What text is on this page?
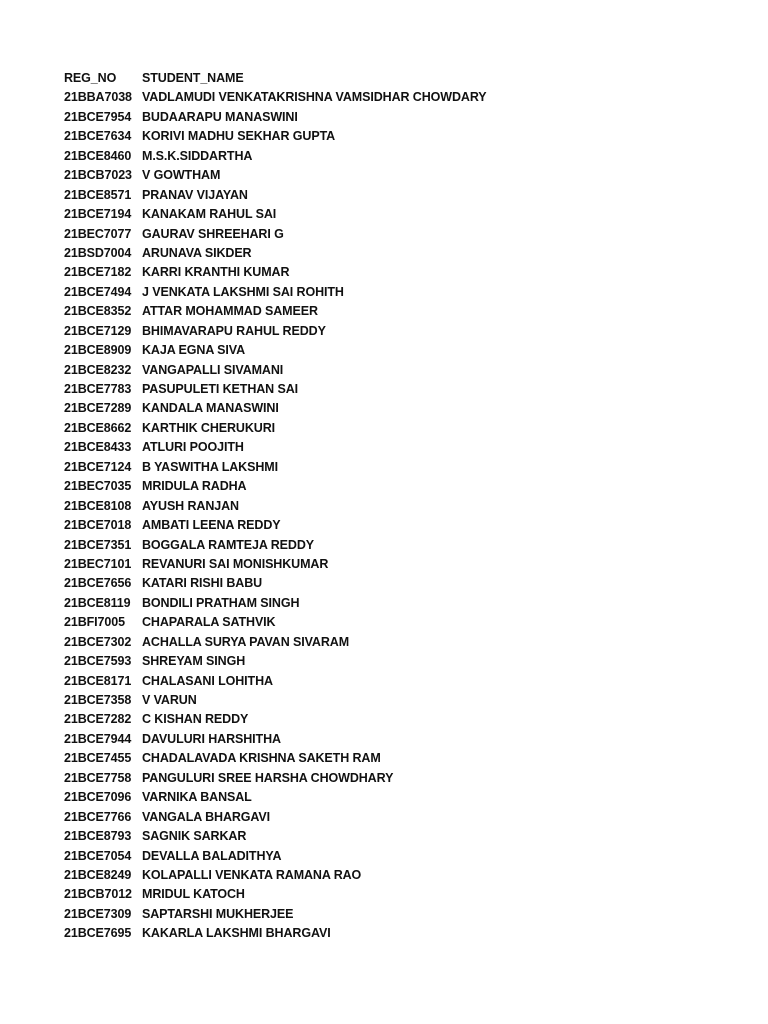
REG_NO	STUDENT_NAME
21BBA7038 VADLAMUDI VENKATAKRISHNA VAMSIDHAR CHOWDARY
21BCE7954 BUDAARAPU MANASWINI
21BCE7634 KORIVI MADHU SEKHAR GUPTA
21BCE8460 M.S.K.SIDDARTHA
21BCB7023 V GOWTHAM
21BCE8571 PRANAV VIJAYAN
21BCE7194 KANAKAM RAHUL SAI
21BEC7077 GAURAV SHREEHARI G
21BSD7004 ARUNAVA SIKDER
21BCE7182 KARRI KRANTHI KUMAR
21BCE7494 J VENKATA LAKSHMI SAI ROHITH
21BCE8352 ATTAR MOHAMMAD SAMEER
21BCE7129 BHIMAVARAPU RAHUL REDDY
21BCE8909 KAJA EGNA SIVA
21BCE8232 VANGAPALLI SIVAMANI
21BCE7783 PASUPULETI KETHAN SAI
21BCE7289 KANDALA MANASWINI
21BCE8662 KARTHIK CHERUKURI
21BCE8433 ATLURI POOJITH
21BCE7124 B YASWITHA LAKSHMI
21BEC7035 MRIDULA RADHA
21BCE8108 AYUSH RANJAN
21BCE7018 AMBATI LEENA REDDY
21BCE7351 BOGGALA RAMTEJA REDDY
21BEC7101 REVANURI SAI MONISHKUMAR
21BCE7656 KATARI RISHI BABU
21BCE8119 BONDILI PRATHAM SINGH
21BFI7005	CHAPARALA SATHVIK
21BCE7302 ACHALLA SURYA PAVAN SIVARAM
21BCE7593 SHREYAM SINGH
21BCE8171 CHALASANI LOHITHA
21BCE7358 V VARUN
21BCE7282 C KISHAN REDDY
21BCE7944 DAVULURI HARSHITHA
21BCE7455 CHADALAVADA KRISHNA SAKETH RAM
21BCE7758 PANGULURI SREE HARSHA CHOWDHARY
21BCE7096 VARNIKA BANSAL
21BCE7766 VANGALA BHARGAVI
21BCE8793 SAGNIK SARKAR
21BCE7054 DEVALLA BALADITHYA
21BCE8249 KOLAPALLI VENKATA RAMANA RAO
21BCB7012 MRIDUL KATOCH
21BCE7309 SAPTARSHI MUKHERJEE
21BCE7695 KAKARLA LAKSHMI BHARGAVI
